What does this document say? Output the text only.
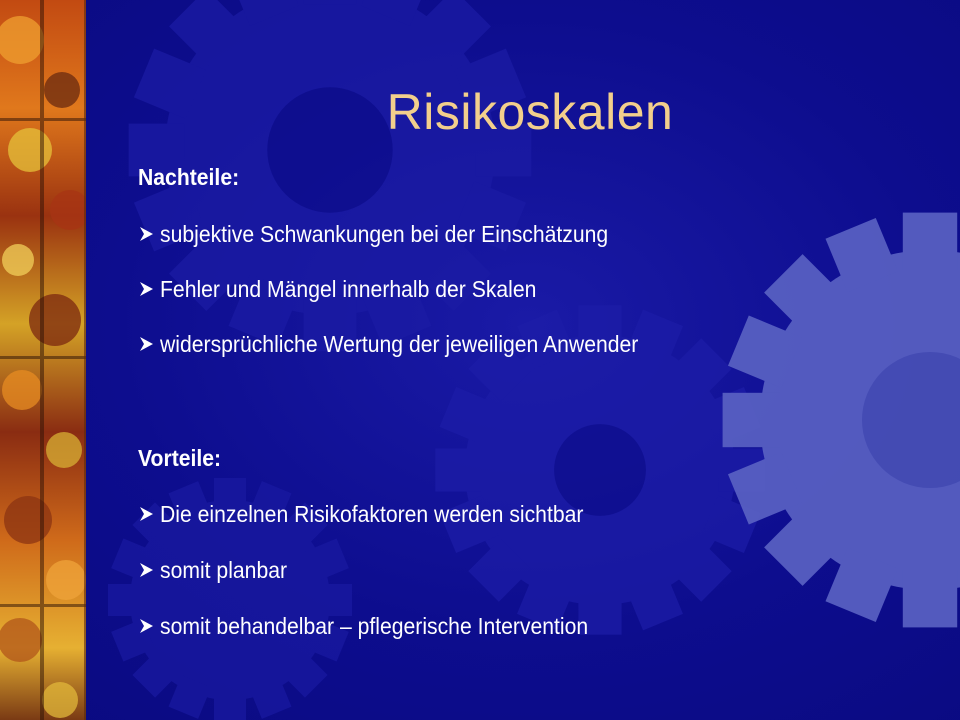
Risikoskalen
Nachteile:
subjektive Schwankungen bei der Einschätzung
Fehler und Mängel innerhalb der Skalen
widersprüchliche Wertung der jeweiligen Anwender
Vorteile:
Die einzelnen Risikofaktoren werden sichtbar
somit planbar
somit behandelbar – pflegerische Intervention
